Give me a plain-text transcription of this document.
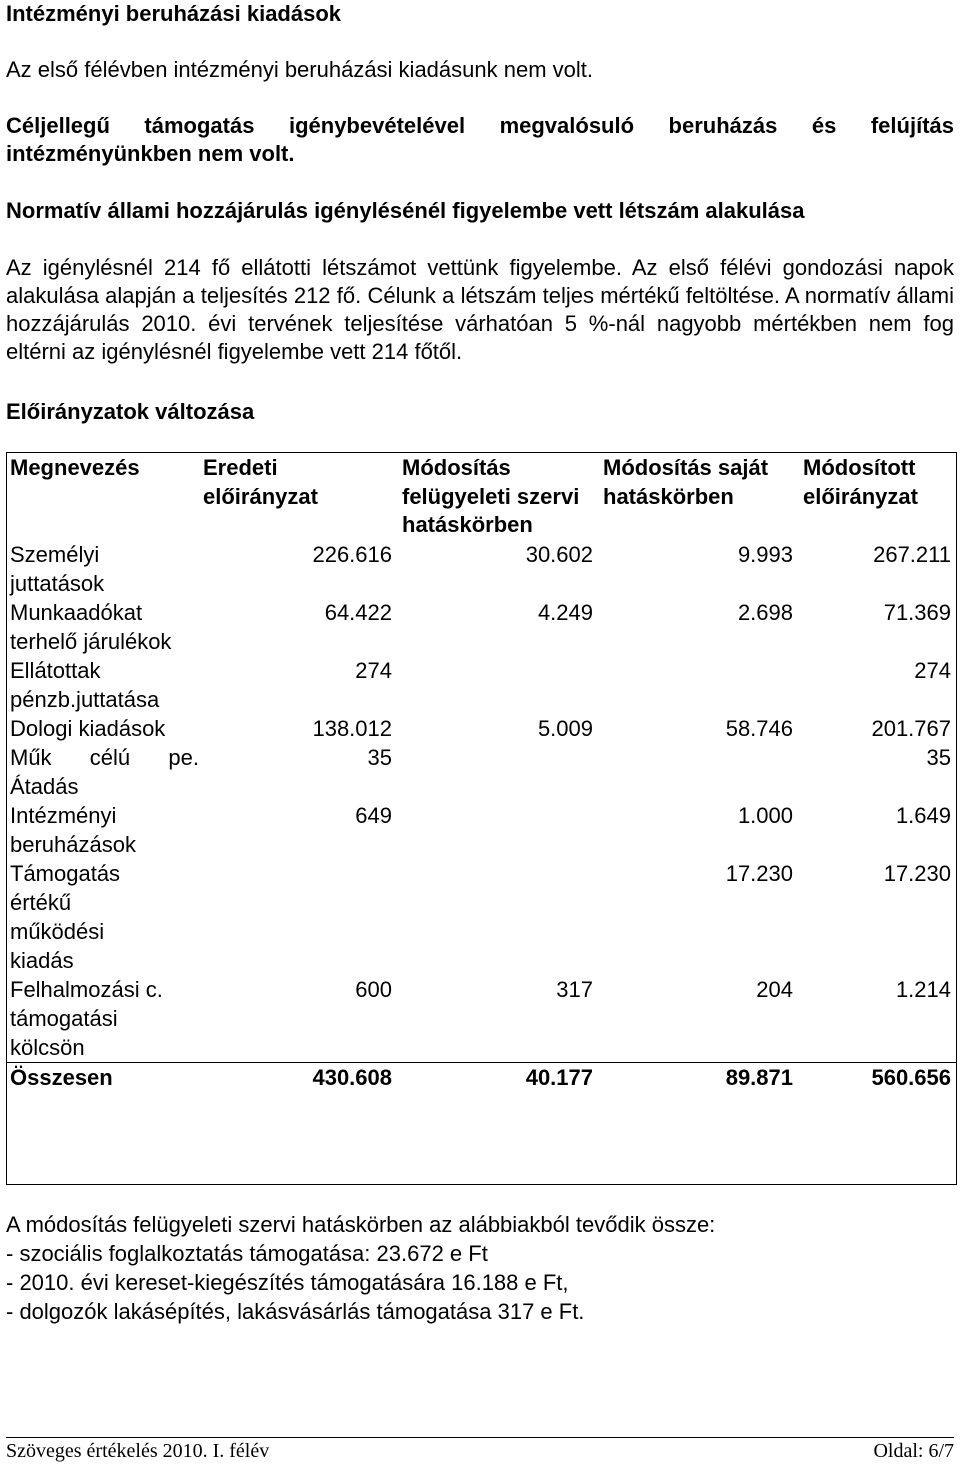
Intézményi beruházási kiadások

Az első félévben intézményi beruházási kiadásunk nem volt.

Céljellegű támogatás igénybevételével megvalósuló beruházás és felújítás intézményünkben nem volt.

Normatív állami hozzájárulás igénylésénél figyelembe vett létszám alakulása

Az igénylésnél 214 fő ellátotti létszámot vettünk figyelembe. Az első félévi gondozási napok alakulása alapján a teljesítés 212 fő. Célunk a létszám teljes mértékű feltöltése. A normatív állami hozzájárulás 2010. évi tervének teljesítése várhatóan 5 %-nál nagyobb mértékben nem fog eltérni az igénylésnél figyelembe vett 214 főtől.

Előirányzatok változása

Megnevezés	Eredeti előirányzat	Módosítás felügyeleti szervi hatáskörben	Módosítás saját hatáskörben	Módosított előirányzat
Személyi juttatások	226.616	30.602	9.993	267.211
Munkaadókat terhelő járulékok	64.422	4.249	2.698	71.369
Ellátottak pénzb.juttatása	274			274
Dologi kiadások	138.012	5.009	58.746	201.767
Műk célú pe. Átadás	35			35
Intézményi beruházások	649		1.000	1.649
Támogatás értékű működési kiadás			17.230	17.230
Felhalmozási c. támogatási kölcsön	600	317	204	1.214
Összesen	430.608	40.177	89.871	560.656

A módosítás felügyeleti szervi hatáskörben az alábbiakból tevődik össze:

- szociális foglalkoztatás támogatása: 23.672 e Ft

- 2010. évi kereset-kiegészítés támogatására 16.188 e Ft,

- dolgozók lakásépítés, lakásvásárlás támogatása 317 e Ft.

Szöveges értékelés 2010. I. félév	Oldal: 6/7
